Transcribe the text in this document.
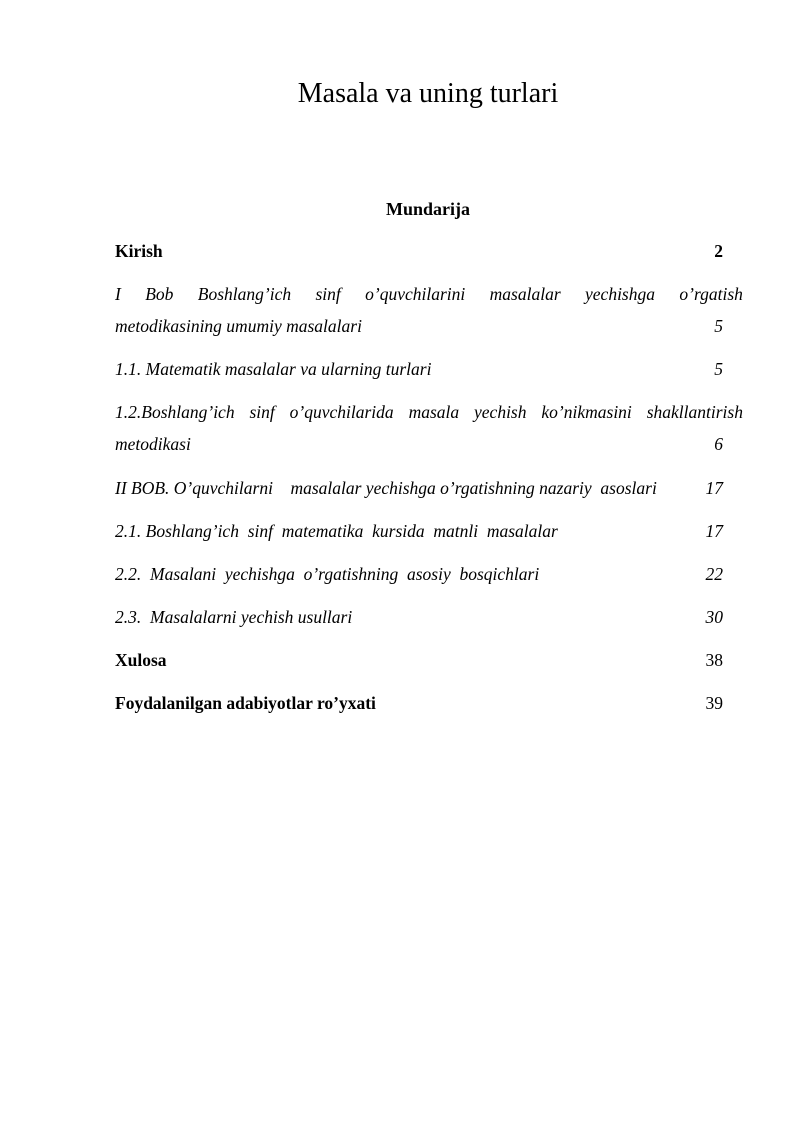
Masala va uning turlari
Mundarija
Kirish	2
I Bob Boshlang’ich sinf o’quvchilarini masalalar yechishga o’rgatish
metodikasining umumiy masalalari	5
1.1. Matematik masalalar va ularning turlari	5
1.2.Boshlang’ich sinf o’quvchilarida masala yechish ko’nikmasini shakllantirish
metodikasi	6
II BOB. O’quvchilarni    masalalar yechishga o’rgatishning nazariy  asoslari	17
2.1. Boshlang’ich  sinf  matematika  kursida  matnli  masalalar	17
2.2.  Masalani  yechishga  o’rgatishning  asosiy  bosqichlari	22
2.3.  Masalalarni yechish usullari	30
Xulosa	38
Foydalanilgan adabiyotlar ro’yxati	39
